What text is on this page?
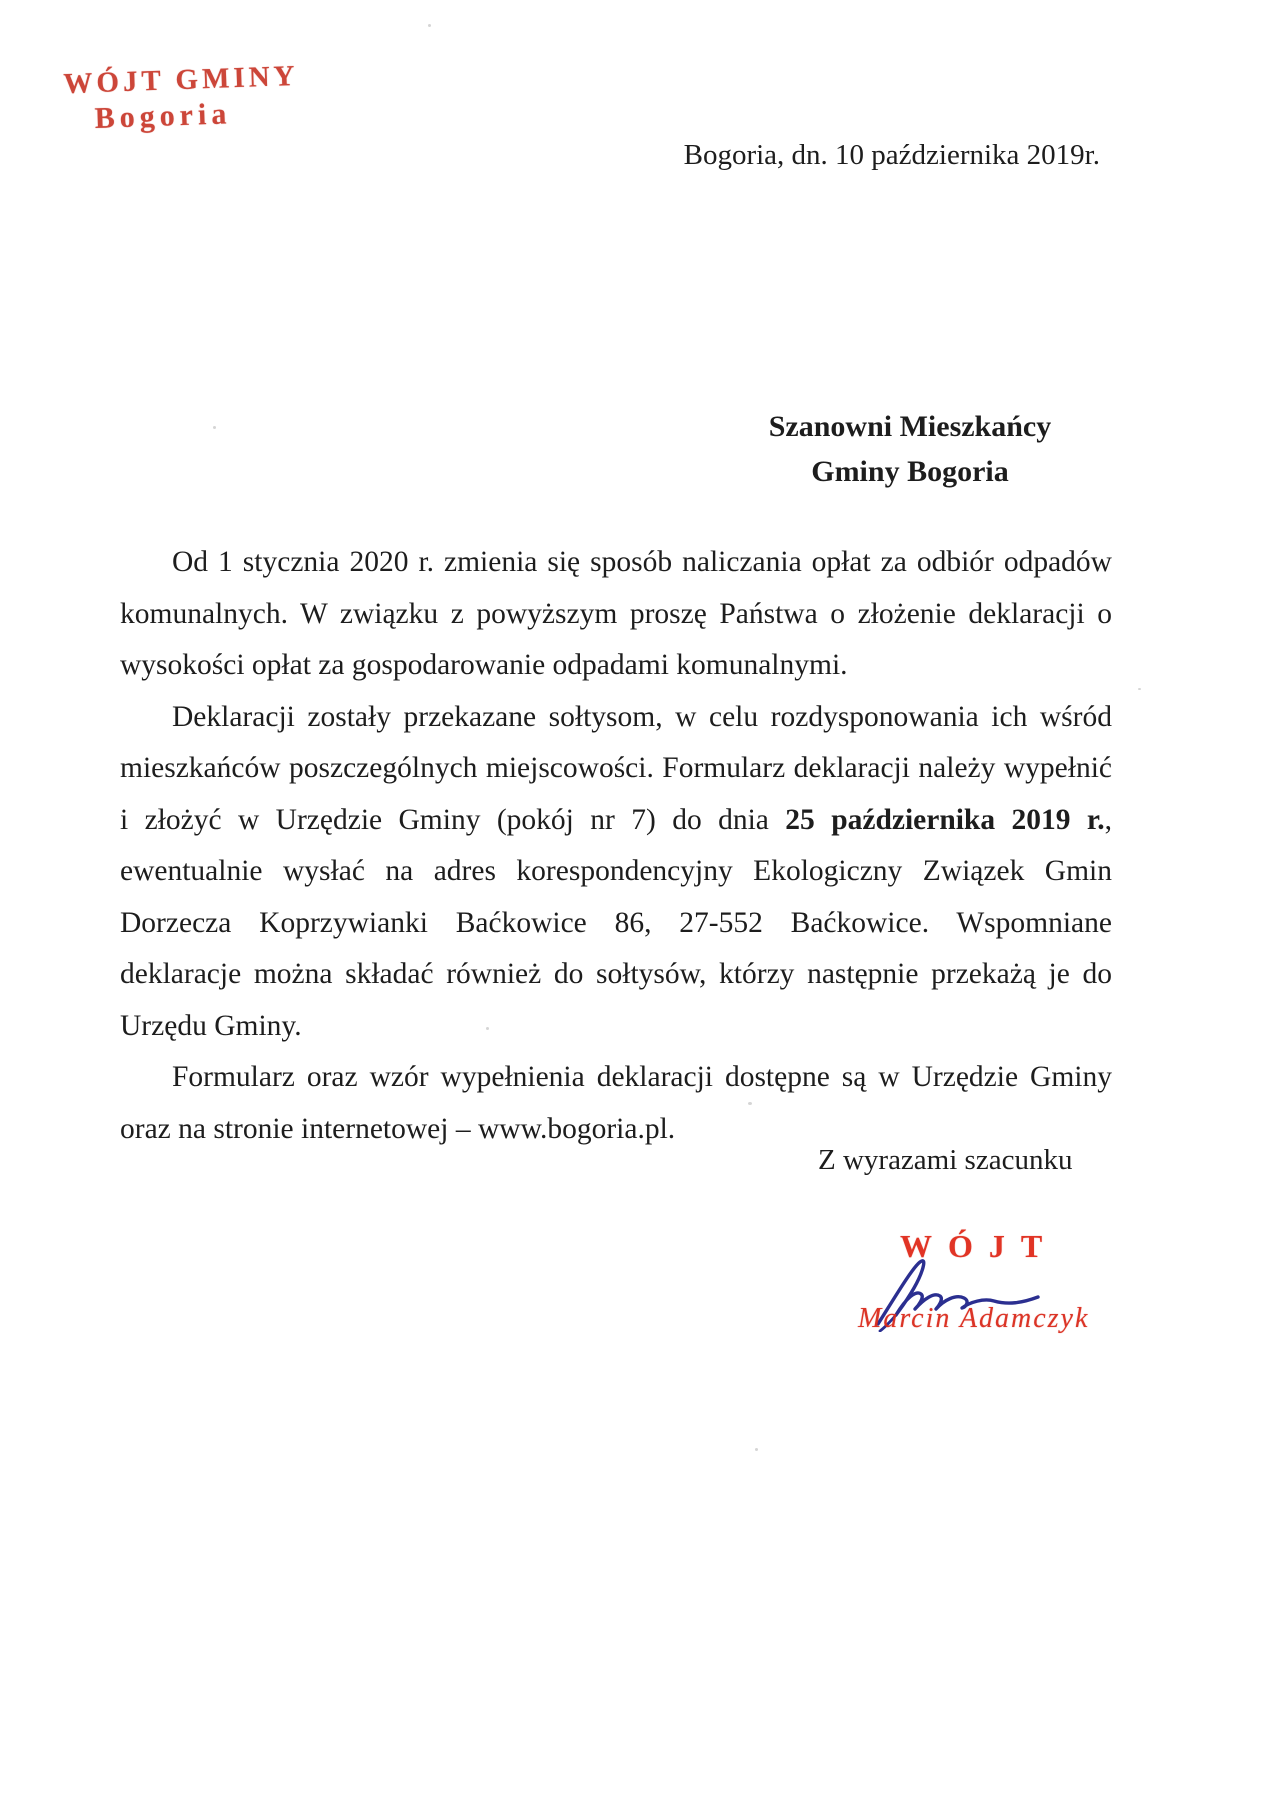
WÓJT GMINY
Bogoria
Bogoria, dn. 10 października 2019r.
Szanowni Mieszkańcy
Gminy Bogoria

Od 1 stycznia 2020 r. zmienia się sposób naliczania opłat za odbiór odpadów komunalnych. W związku z powyższym proszę Państwa o złożenie deklaracji o wysokości opłat za gospodarowanie odpadami komunalnymi.

Deklaracji zostały przekazane sołtysom, w celu rozdysponowania ich wśród mieszkańców poszczególnych miejscowości. Formularz deklaracji należy wypełnić i złożyć w Urzędzie Gminy (pokój nr 7) do dnia 25 października 2019 r., ewentualnie wysłać na adres korespondencyjny Ekologiczny Związek Gmin Dorzecza Koprzywianki Baćkowice 86, 27-552 Baćkowice. Wspomniane deklaracje można składać również do sołtysów, którzy następnie przekażą je do Urzędu Gminy.

Formularz oraz wzór wypełnienia deklaracji dostępne są w Urzędzie Gminy oraz na stronie internetowej – www.bogoria.pl.

Z wyrazami szacunku
WÓJT
Marcin Adamczyk
